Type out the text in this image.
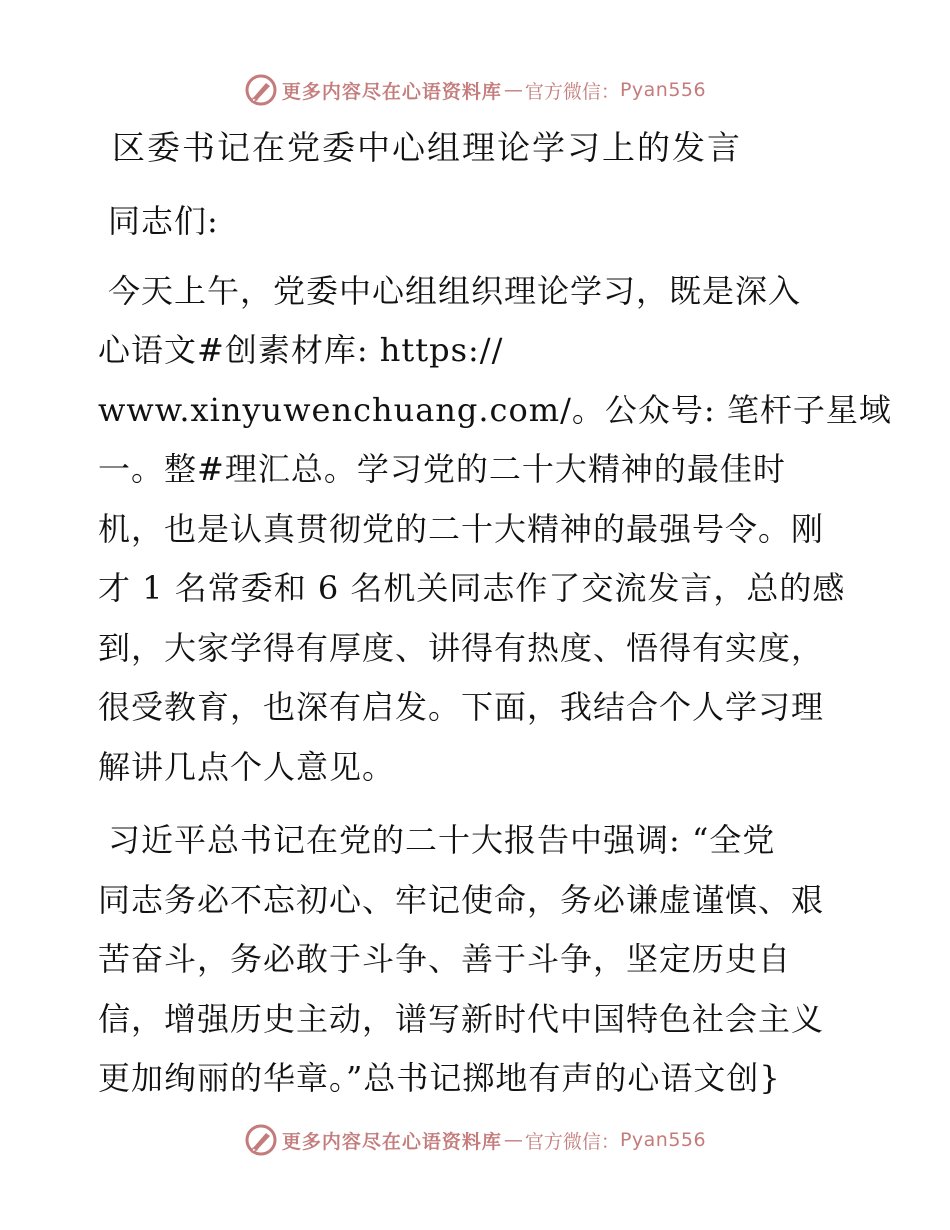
更多内容尽在心语资料库 — 官方微信： Pyan556
区委书记在党委中心组理论学习上的发言

同志们:

今天上午，党委中心组组织理论学习，既是深入
心语文#创素材库: https://
www.xinyuwenchuang.com/。公众号: 笔杆子星域
一。整#理汇总。学习党的二十大精神的最佳时
机，也是认真贯彻党的二十大精神的最强号令。刚
才 1 名常委和 6 名机关同志作了交流发言，总的感
到，大家学得有厚度、讲得有热度、悟得有实度，
很受教育，也深有启发。下面，我结合个人学习理
解讲几点个人意见。

习近平总书记在党的二十大报告中强调: “全党
同志务必不忘初心、牢记使命，务必谦虚谨慎、艰
苦奋斗，务必敢于斗争、善于斗争，坚定历史自
信，增强历史主动，谱写新时代中国特色社会主义
更加绚丽的华章。”总书记掷地有声的心语文创}

更多内容尽在心语资料库 — 官方微信： Pyan556
